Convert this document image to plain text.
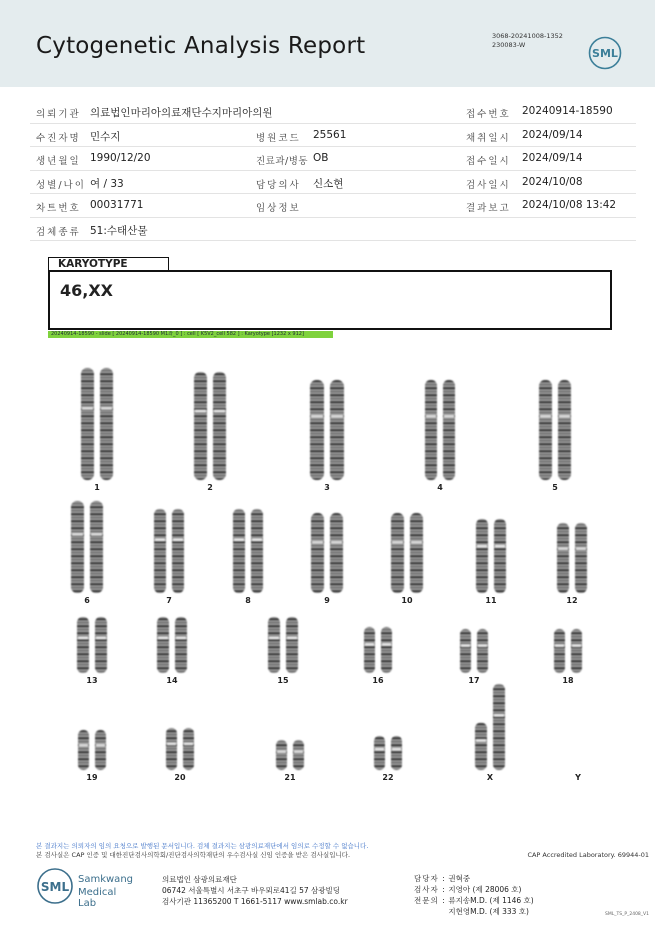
Cytogenetic Analysis Report	3068-20241008-1352
230083-W
SML
의뢰기관 의료법인마리아의료재단수지마리아의원	접수번호 20240914-18590
수진자명 민수지	병원코드 25561	채취일시 2024/09/14
생년월일 1990/12/20	진료과/병동 OB	접수일시 2024/09/14
성별/나이 여 / 33	담당의사 신소현	검사일시 2024/10/08
차트번호 00031771	임상정보	결과보고 2024/10/08 13:42
검체종류 51:수태산물
KARYOTYPE
46,XX
20240914-18590 - slide [ 20240914-18590 M1좌_0 ] : cell [ K5V2_cell 582 ] : Karyotype [1232 x 912]
1	2	3	4	5
6	7	8	9	10	11	12
13	14	15	16	17	18
19	20	21	22	X	Y
본 결과지는 의뢰자의 임의 요청으로 발행된 문서입니다. 검체 결과지는 삼광의료재단에서 임의로 수정할 수 없습니다.
본 검사실은 CAP 인증 및 대한진단검사의학회/진단검사의학재단의 우수검사실 신임 인증을 받은 검사실입니다.	CAP Accredited Laboratory. 69944-01
SML
Samkwang
Medical Lab
의료법인 삼광의료재단
06742 서울특별시 서초구 바우뫼로41길 57 삼광빌딩
검사기관 11365200 T 1661-5117 www.smlab.co.kr
담당자 : 권혁중
검사자 : 지영아 (제 28006 호)
전문의 : 류지송M.D. (제 1146 호)
지현영M.D. (제 333 호)	SML_TS_P_2408_V1
